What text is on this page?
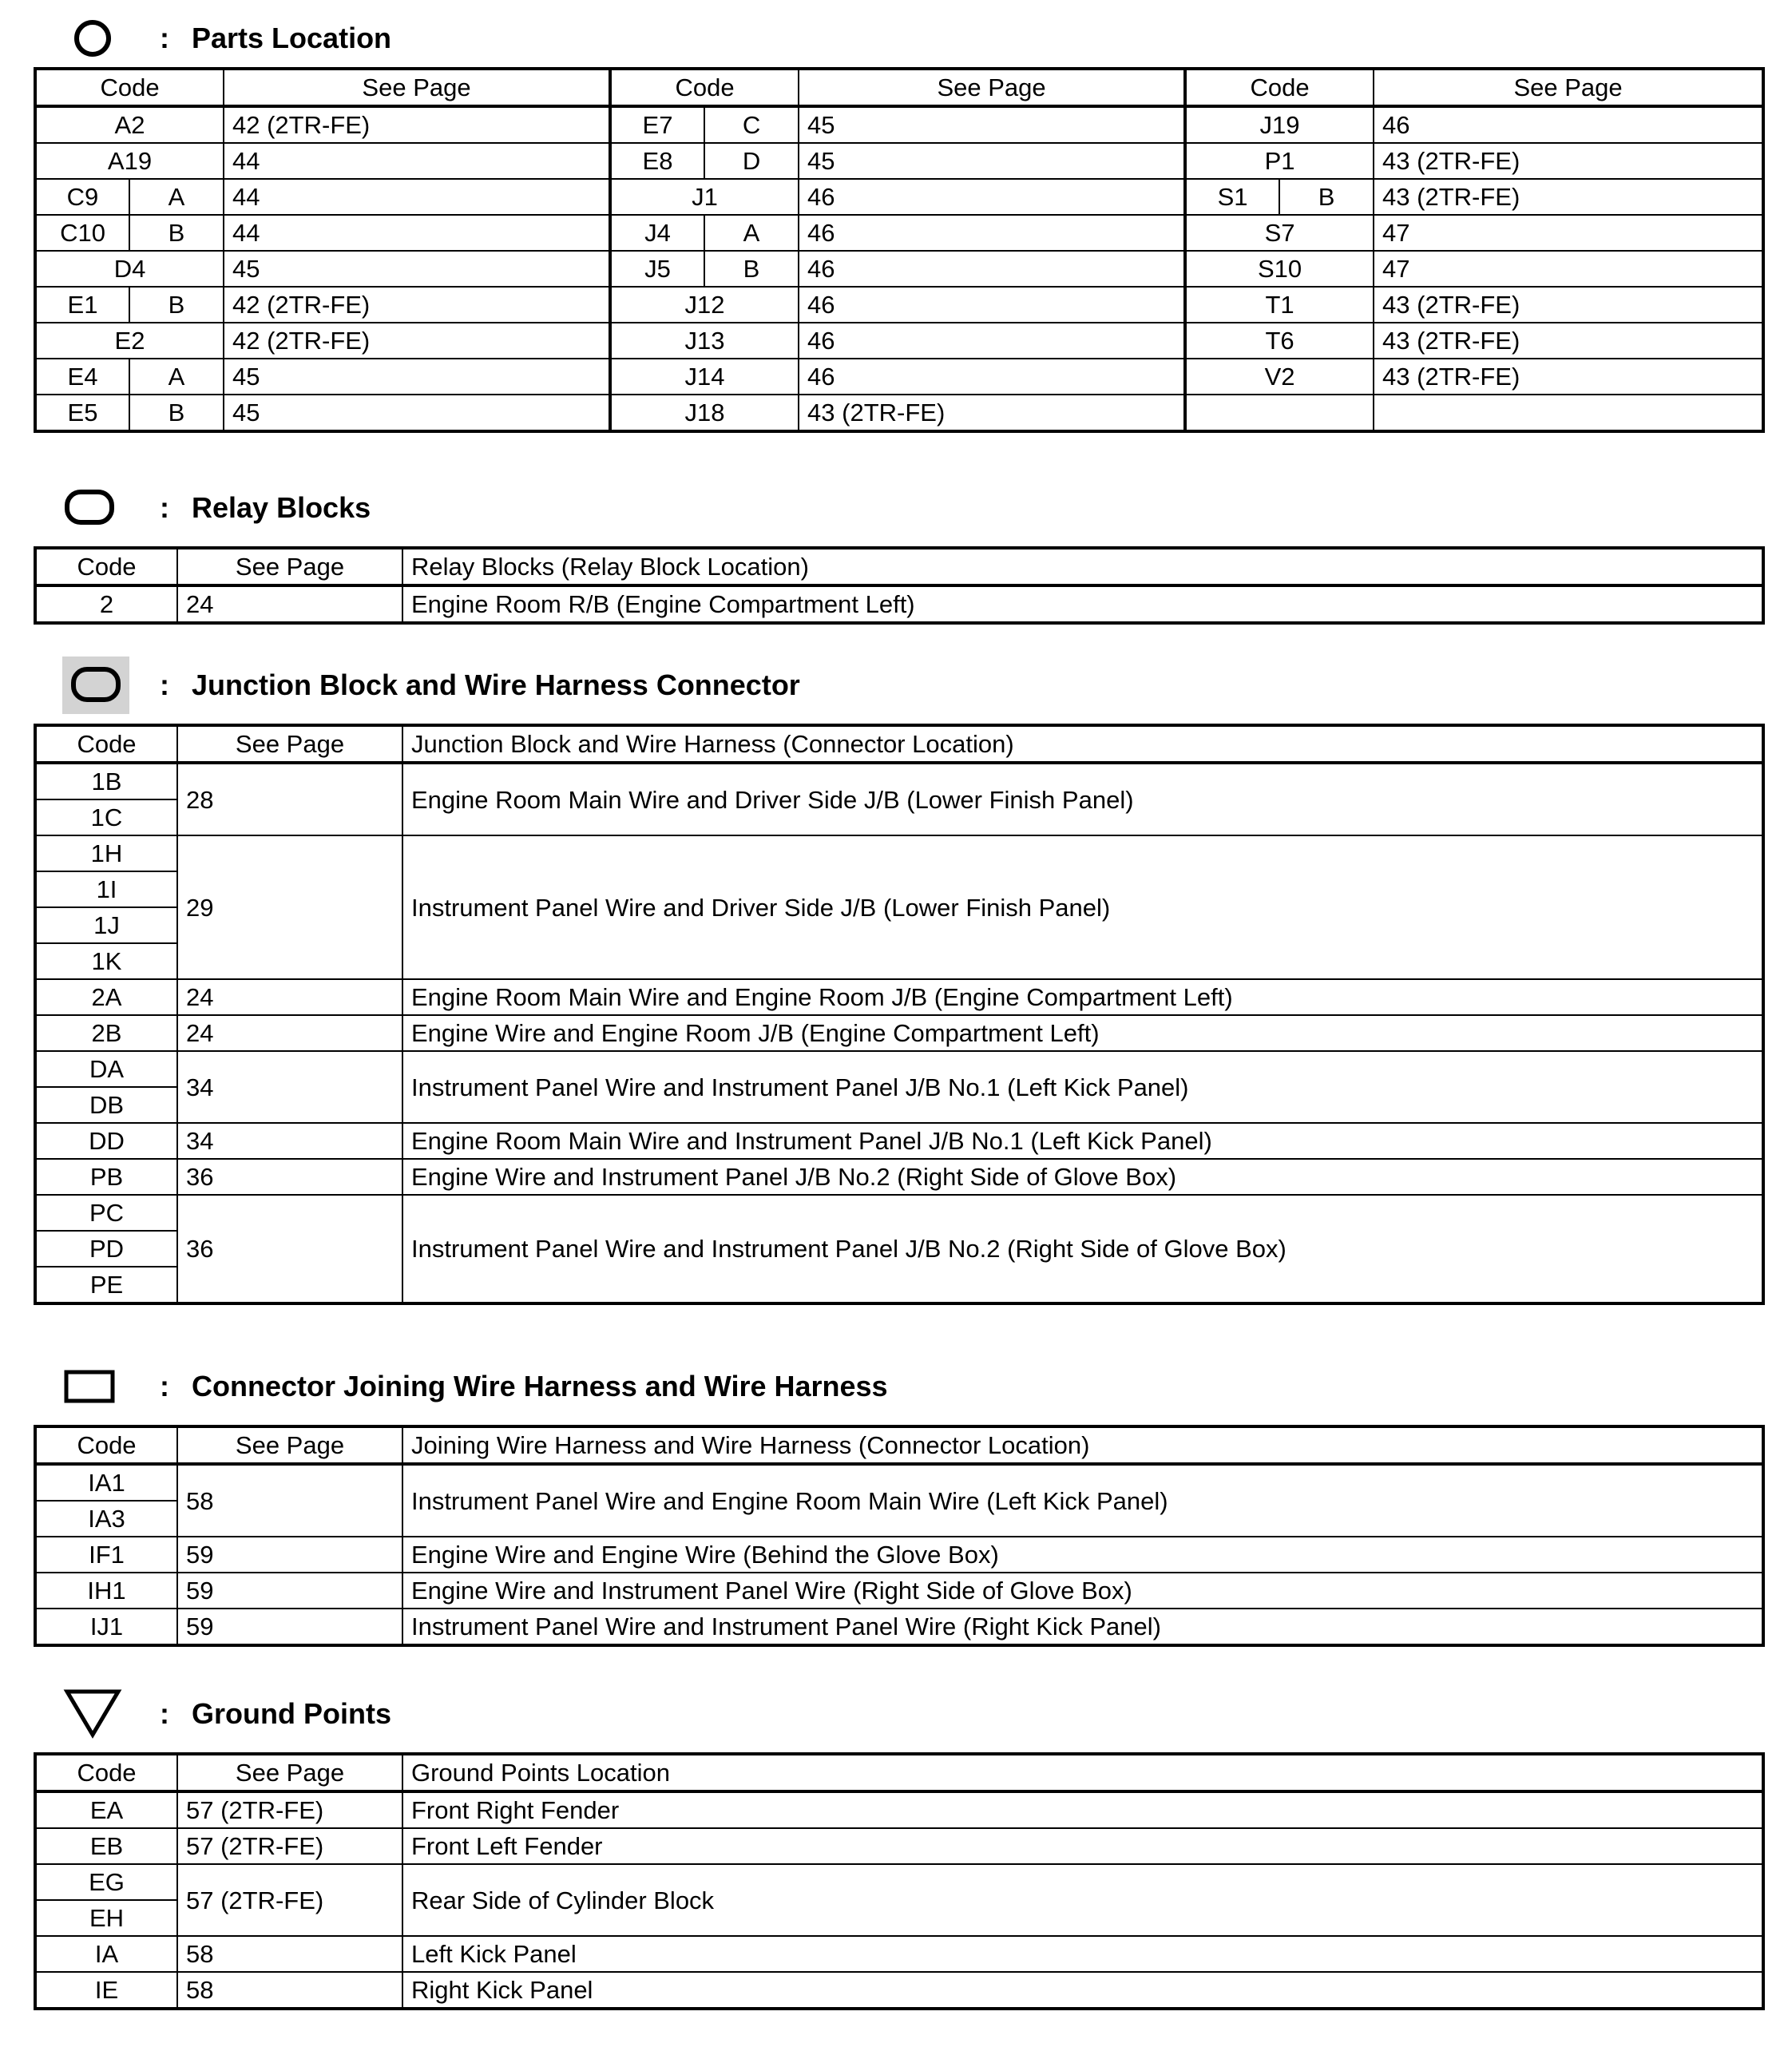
: Parts Location
Code		See Page	Code		See Page	Code		See Page
A2		42 (2TR-FE)	E7	C	45	J19		46
A19		44	E8	D	45	P1		43 (2TR-FE)
C9	A	44	J1		46	S1	B	43 (2TR-FE)
C10	B	44	J4	A	46	S7		47
D4		45	J5	B	46	S10		47
E1	B	42 (2TR-FE)	J12		46	T1		43 (2TR-FE)
E2		42 (2TR-FE)	J13		46	T6		43 (2TR-FE)
E4	A	45	J14		46	V2		43 (2TR-FE)
E5	B	45	J18		43 (2TR-FE)			
: Relay Blocks
Code	See Page	Relay Blocks (Relay Block Location)
2	24	Engine Room R/B (Engine Compartment Left)
: Junction Block and Wire Harness Connector
Code	See Page	Junction Block and Wire Harness (Connector Location)
1B	28	Engine Room Main Wire and Driver Side J/B (Lower Finish Panel)
1C		
1H	29	Instrument Panel Wire and Driver Side J/B (Lower Finish Panel)
1I		
1J		
1K		
2A	24	Engine Room Main Wire and Engine Room J/B (Engine Compartment Left)
2B	24	Engine Wire and Engine Room J/B (Engine Compartment Left)
DA	34	Instrument Panel Wire and Instrument Panel J/B No.1 (Left Kick Panel)
DB		
DD	34	Engine Room Main Wire and Instrument Panel J/B No.1 (Left Kick Panel)
PB	36	Engine Wire and Instrument Panel J/B No.2 (Right Side of Glove Box)
PC	36	Instrument Panel Wire and Instrument Panel J/B No.2 (Right Side of Glove Box)
PD		
PE		
: Connector Joining Wire Harness and Wire Harness
Code	See Page	Joining Wire Harness and Wire Harness (Connector Location)
IA1	58	Instrument Panel Wire and Engine Room Main Wire (Left Kick Panel)
IA3		
IF1	59	Engine Wire and Engine Wire (Behind the Glove Box)
IH1	59	Engine Wire and Instrument Panel Wire (Right Side of Glove Box)
IJ1	59	Instrument Panel Wire and Instrument Panel Wire (Right Kick Panel)
: Ground Points
Code	See Page	Ground Points Location
EA	57 (2TR-FE)	Front Right Fender
EB	57 (2TR-FE)	Front Left Fender
EG	57 (2TR-FE)	Rear Side of Cylinder Block
EH		
IA	58	Left Kick Panel
IE	58	Right Kick Panel
